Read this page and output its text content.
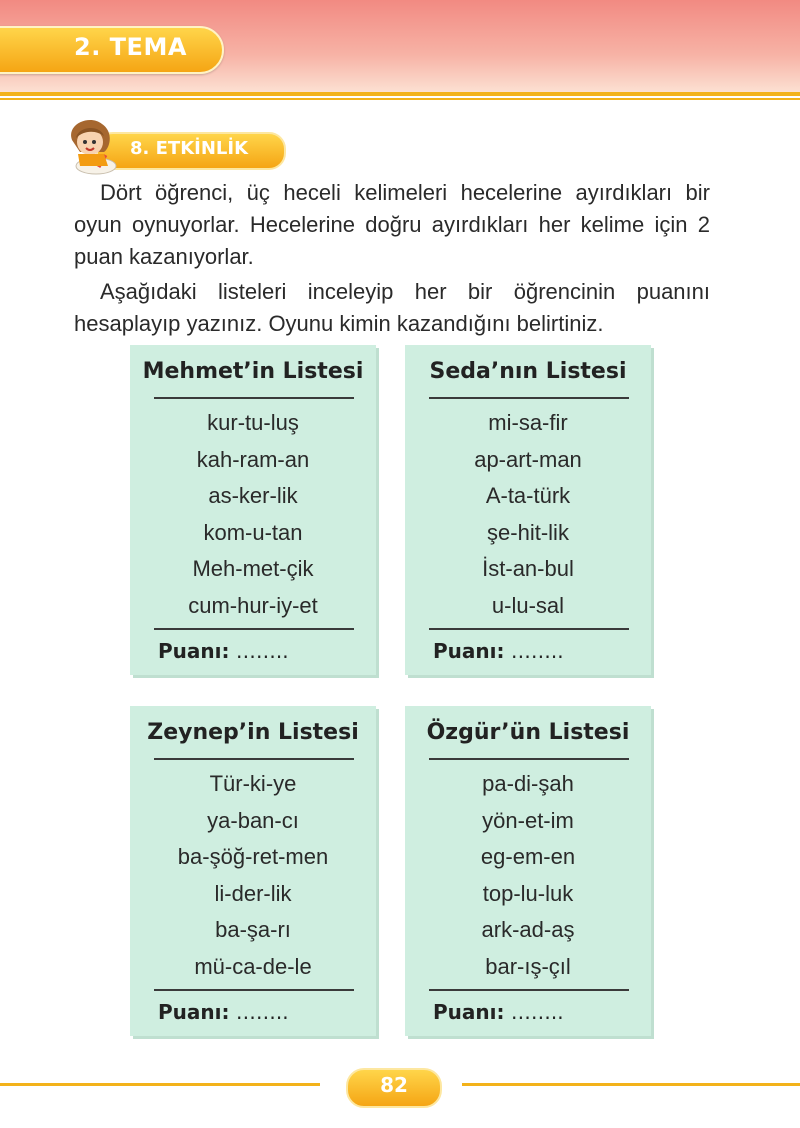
2. TEMA
8. ETKİNLİK

Dört öğrenci, üç heceli kelimeleri hecelerine ayırdıkları bir oyun oynuyorlar. Hecelerine doğru ayırdıkları her kelime için 2 puan kazanıyorlar.

Aşağıdaki listeleri inceleyip her bir öğrencinin puanını hesaplayıp yazınız. Oyunu kimin kazandığını belirtiniz.

Mehmet’in Listesi
kur-tu-luş
kah-ram-an
as-ker-lik
kom-u-tan
Meh-met-çik
cum-hur-iy-et

Puanı: ……..

Seda’nın Listesi
mi-sa-fir
ap-art-man
A-ta-türk
şe-hit-lik
İst-an-bul
u-lu-sal

Puanı: ……..

Zeynep’in Listesi
Tür-ki-ye
ya-ban-cı
ba-şöğ-ret-men
li-der-lik
ba-şa-rı
mü-ca-de-le

Puanı: ……..

Özgür’ün Listesi
pa-di-şah
yön-et-im
eg-em-en
top-lu-luk
ark-ad-aş
bar-ış-çıl

Puanı: ……..

82
